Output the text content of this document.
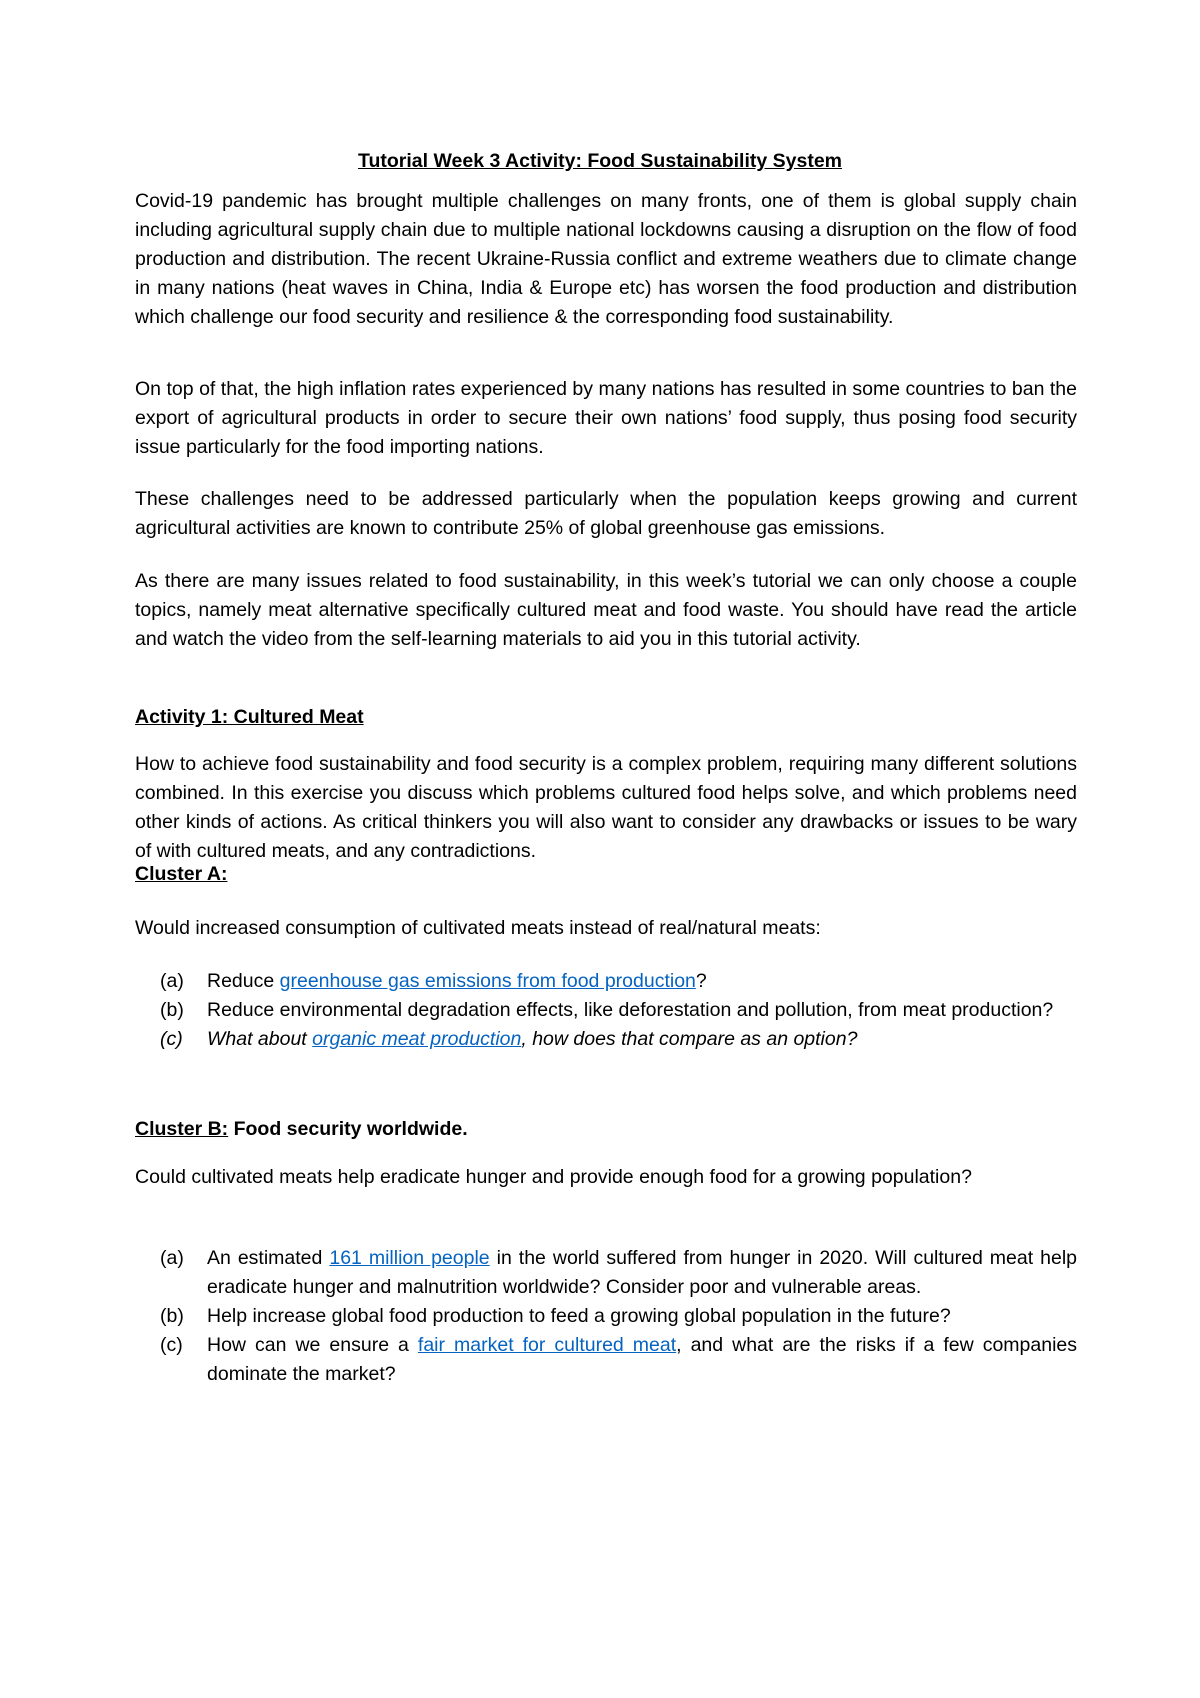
Tutorial Week 3 Activity: Food Sustainability System

Covid-19 pandemic has brought multiple challenges on many fronts, one of them is global supply chain including agricultural supply chain due to multiple national lockdowns causing a disruption on the flow of food production and distribution. The recent Ukraine-Russia conflict and extreme weathers due to climate change in many nations (heat waves in China, India & Europe etc) has worsen the food production and distribution which challenge our food security and resilience & the corresponding food sustainability.

On top of that, the high inflation rates experienced by many nations has resulted in some countries to ban the export of agricultural products in order to secure their own nations’ food supply, thus posing food security issue particularly for the food importing nations.

These challenges need to be addressed particularly when the population keeps growing and current agricultural activities are known to contribute 25% of global greenhouse gas emissions.

As there are many issues related to food sustainability, in this week’s tutorial we can only choose a couple topics, namely meat alternative specifically cultured meat and food waste. You should have read the article and watch the video from the self-learning materials to aid you in this tutorial activity.

Activity 1: Cultured Meat

How to achieve food sustainability and food security is a complex problem, requiring many different solutions combined. In this exercise you discuss which problems cultured food helps solve, and which problems need other kinds of actions. As critical thinkers you will also want to consider any drawbacks or issues to be wary of with cultured meats, and any contradictions.

Cluster A:

Would increased consumption of cultivated meats instead of real/natural meats:

(a) Reduce greenhouse gas emissions from food production?
(b) Reduce environmental degradation effects, like deforestation and pollution, from meat production?
(c) What about organic meat production, how does that compare as an option?

Cluster B: Food security worldwide.

Could cultivated meats help eradicate hunger and provide enough food for a growing population?

(a) An estimated 161 million people in the world suffered from hunger in 2020. Will cultured meat help eradicate hunger and malnutrition worldwide? Consider poor and vulnerable areas.
(b) Help increase global food production to feed a growing global population in the future?
(c) How can we ensure a fair market for cultured meat, and what are the risks if a few companies dominate the market?
